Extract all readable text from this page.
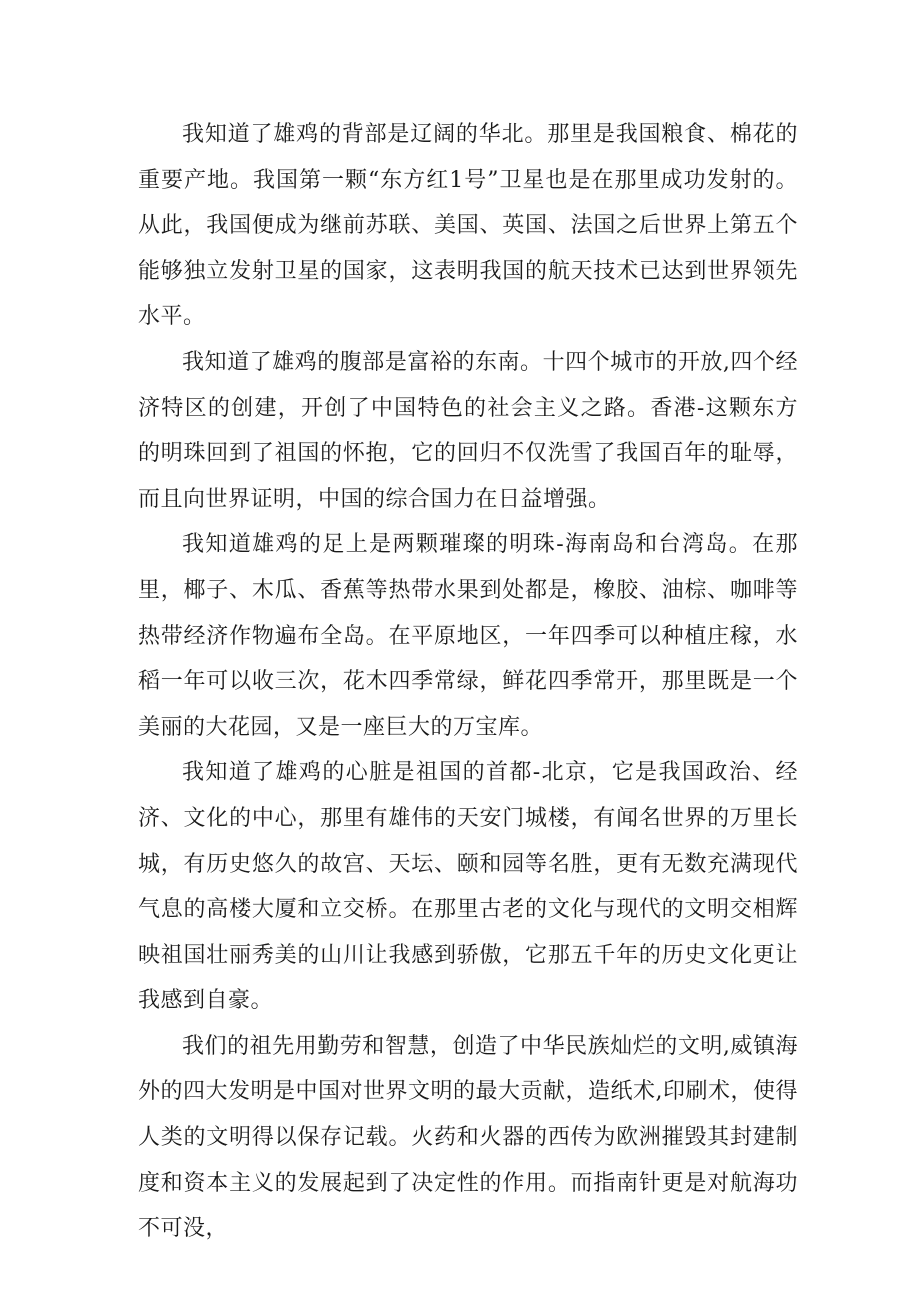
我知道了雄鸡的背部是辽阔的华北。那里是我国粮食、棉花的重要产地。我国第一颗“东方红1号”卫星也是在那里成功发射的。从此，我国便成为继前苏联、美国、英国、法国之后世界上第五个能够独立发射卫星的国家，这表明我国的航天技术已达到世界领先水平。

我知道了雄鸡的腹部是富裕的东南。十四个城市的开放,四个经济特区的创建，开创了中国特色的社会主义之路。香港-这颗东方的明珠回到了祖国的怀抱，它的回归不仅洗雪了我国百年的耻辱，而且向世界证明，中国的综合国力在日益增强。

我知道雄鸡的足上是两颗璀璨的明珠-海南岛和台湾岛。在那里，椰子、木瓜、香蕉等热带水果到处都是，橡胶、油棕、咖啡等热带经济作物遍布全岛。在平原地区，一年四季可以种植庄稼，水稻一年可以收三次，花木四季常绿，鲜花四季常开，那里既是一个美丽的大花园，又是一座巨大的万宝库。

我知道了雄鸡的心脏是祖国的首都-北京，它是我国政治、经济、文化的中心，那里有雄伟的天安门城楼，有闻名世界的万里长城，有历史悠久的故宫、天坛、颐和园等名胜，更有无数充满现代气息的高楼大厦和立交桥。在那里古老的文化与现代的文明交相辉映祖国壮丽秀美的山川让我感到骄傲，它那五千年的历史文化更让我感到自豪。

我们的祖先用勤劳和智慧，创造了中华民族灿烂的文明,威镇海外的四大发明是中国对世界文明的最大贡献，造纸术,印刷术，使得人类的文明得以保存记载。火药和火器的西传为欧洲摧毁其封建制度和资本主义的发展起到了决定性的作用。而指南针更是对航海功不可没，
